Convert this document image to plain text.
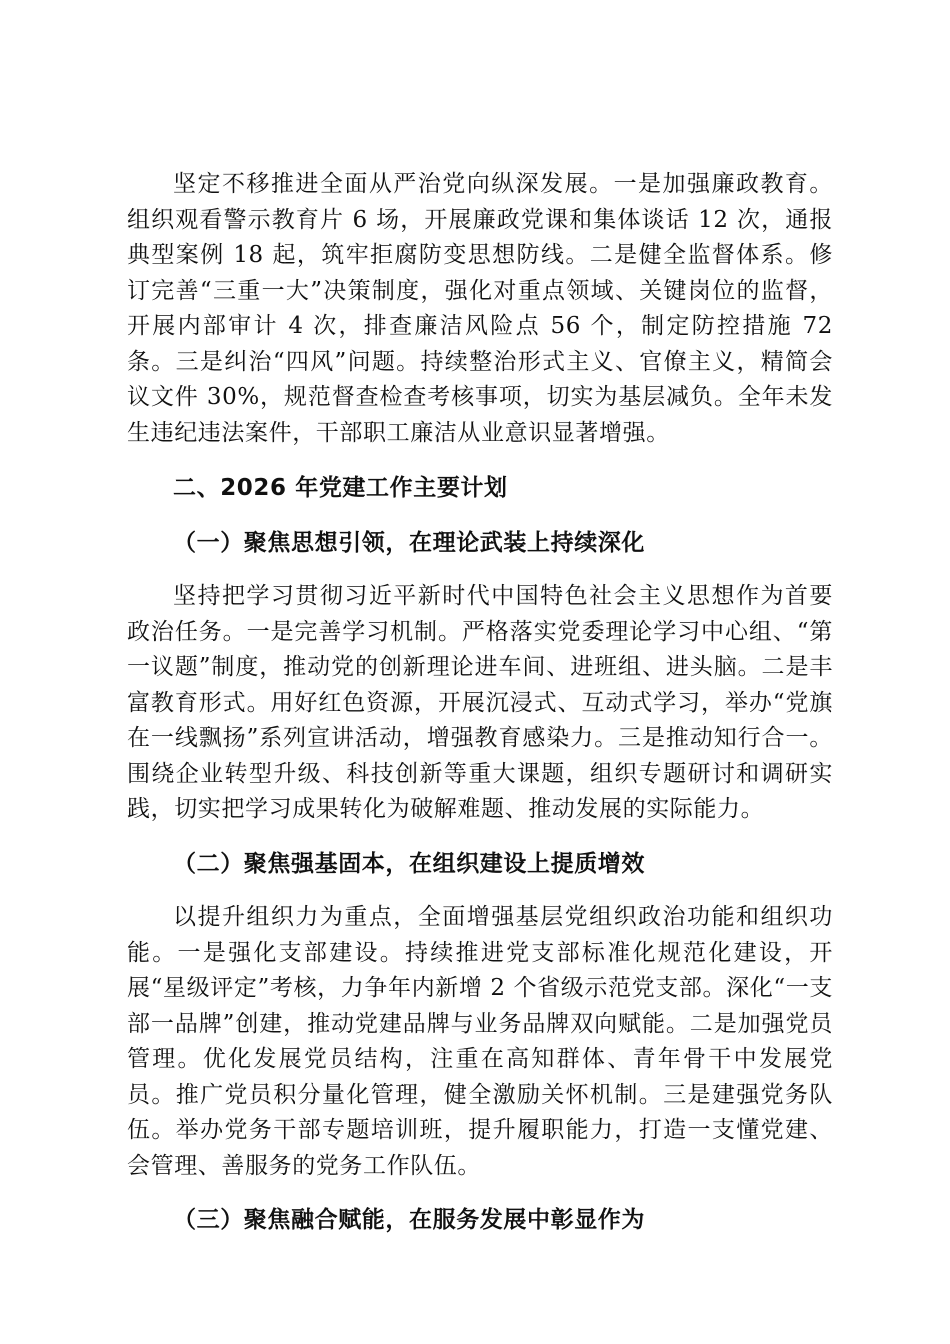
坚定不移推进全面从严治党向纵深发展。一是加强廉政教育。组织观看警示教育片 6 场，开展廉政党课和集体谈话 12 次，通报典型案例 18 起，筑牢拒腐防变思想防线。二是健全监督体系。修订完善“三重一大”决策制度，强化对重点领域、关键岗位的监督，开展内部审计 4 次，排查廉洁风险点 56 个，制定防控措施 72 条。三是纠治“四风”问题。持续整治形式主义、官僚主义，精简会议文件 30%，规范督查检查考核事项，切实为基层减负。全年未发生违纪违法案件，干部职工廉洁从业意识显著增强。

二、2026 年党建工作主要计划

（一）聚焦思想引领，在理论武装上持续深化

坚持把学习贯彻习近平新时代中国特色社会主义思想作为首要政治任务。一是完善学习机制。严格落实党委理论学习中心组、“第一议题”制度，推动党的创新理论进车间、进班组、进头脑。二是丰富教育形式。用好红色资源，开展沉浸式、互动式学习，举办“党旗在一线飘扬”系列宣讲活动，增强教育感染力。三是推动知行合一。围绕企业转型升级、科技创新等重大课题，组织专题研讨和调研实践，切实把学习成果转化为破解难题、推动发展的实际能力。

（二）聚焦强基固本，在组织建设上提质增效

以提升组织力为重点，全面增强基层党组织政治功能和组织功能。一是强化支部建设。持续推进党支部标准化规范化建设，开展“星级评定”考核，力争年内新增 2 个省级示范党支部。深化“一支部一品牌”创建，推动党建品牌与业务品牌双向赋能。二是加强党员管理。优化发展党员结构，注重在高知群体、青年骨干中发展党员。推广党员积分量化管理，健全激励关怀机制。三是建强党务队伍。举办党务干部专题培训班，提升履职能力，打造一支懂党建、会管理、善服务的党务工作队伍。

（三）聚焦融合赋能，在服务发展中彰显作为
